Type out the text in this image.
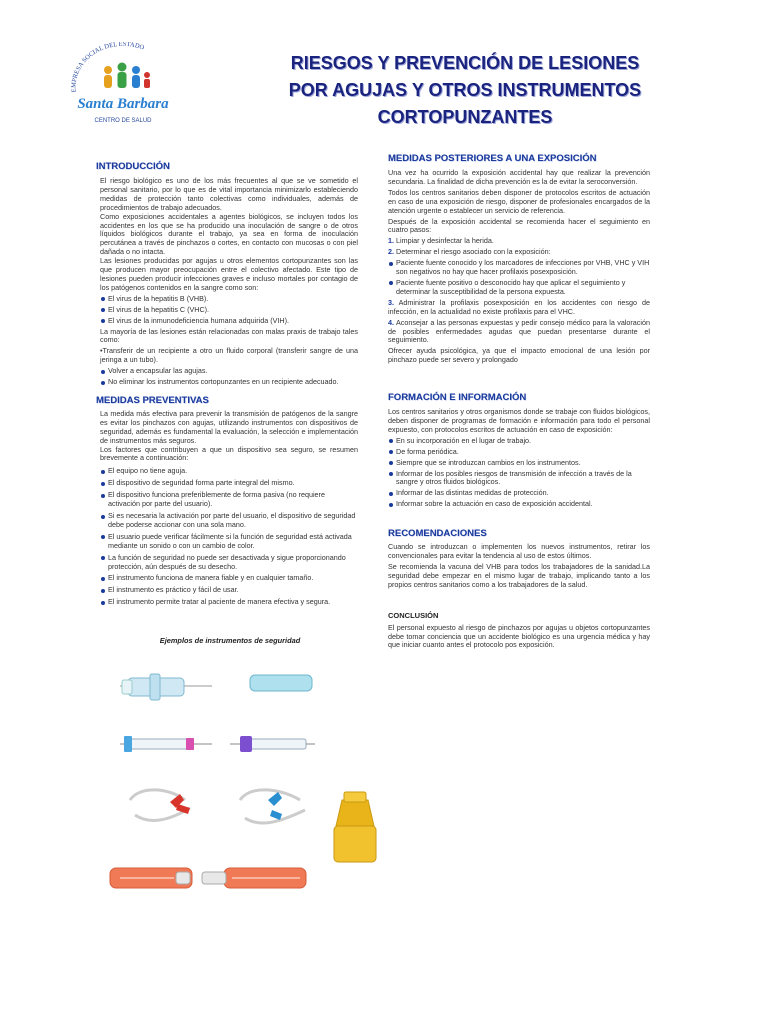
EMPRESA SOCIAL DEL ESTADO
Santa Barbara
CENTRO DE SALUD
RIESGOS Y PREVENCIÓN DE LESIONES
POR AGUJAS Y OTROS INSTRUMENTOS
CORTOPUNZANTES
INTRODUCCIÓN

El riesgo biológico es uno de los más frecuentes al que se ve sometido el personal sanitario, por lo que es de vital importancia minimizarlo estableciendo medidas de protección tanto colectivas como individuales, además de procedimientos de trabajo adecuados.

Como exposiciones accidentales a agentes biológicos, se incluyen todos los accidentes en los que se ha producido una inoculación de sangre o de otros líquidos biológicos durante el trabajo, ya sea en forma de inoculación percutánea a través de pinchazos o cortes, en contacto con mucosas o con piel dañada o no intacta.

Las lesiones producidas por agujas u otros elementos cortopunzantes son las que producen mayor preocupación entre el colectivo afectado. Este tipo de lesiones pueden producir infecciones graves e incluso mortales por contagio de los patógenos contenidos en la sangre como son:

El virus de la hepatitis B (VHB).
El virus de la hepatitis C (VHC).
El virus de la inmunodeficiencia humana adquirida (VIH).

La mayoría de las lesiones están relacionadas con malas praxis de trabajo tales como:

•Transferir de un recipiente a otro un fluido corporal (transferir sangre de una jeringa a un tubo).

Volver a encapsular las agujas.
No eliminar los instrumentos cortopunzantes en un recipiente adecuado.
MEDIDAS PREVENTIVAS

La medida más efectiva para prevenir la transmisión de patógenos de la sangre es evitar los pinchazos con agujas, utilizando instrumentos con dispositivos de seguridad, además es fundamental la evaluación, la selección e implementación de instrumentos más seguros.

Los factores que contribuyen a que un dispositivo sea seguro, se resumen brevemente a continuación:

El equipo no tiene aguja.
El dispositivo de seguridad forma parte integral del mismo.
El dispositivo funciona preferiblemente de forma pasiva (no requiere activación por parte del usuario).
Si es necesaria la activación por parte del usuario, el dispositivo de seguridad debe poderse accionar con una sola mano.
El usuario puede verificar fácilmente si la función de seguridad está activada mediante un sonido o con un cambio de color.
La función de seguridad no puede ser desactivada y sigue proporcionando protección, aún después de su desecho.
El instrumento funciona de manera fiable y en cualquier tamaño.
El instrumento es práctico y fácil de usar.
El instrumento permite tratar al paciente de manera efectiva y segura.
Ejemplos de instrumentos de seguridad
MEDIDAS POSTERIORES A UNA EXPOSICIÓN

Una vez ha ocurrido la exposición accidental hay que realizar la prevención secundaria. La finalidad de dicha prevención es la de evitar la seroconversión.

Todos los centros sanitarios deben disponer de protocolos escritos de actuación en caso de una exposición de riesgo, disponer de profesionales encargados de la atención urgente o establecer un servicio de referencia.

Después de la exposición accidental se recomienda hacer el seguimiento en cuatro pasos:

1. Limpiar y desinfectar la herida.

2. Determinar el riesgo asociado con la exposición:

Paciente fuente conocido y los marcadores de infecciones por VHB, VHC y VIH son negativos no hay que hacer profilaxis posexposición.
Paciente fuente positivo o desconocido hay que aplicar el seguimiento y determinar la susceptibilidad de la persona expuesta.

3. Administrar la profilaxis posexposición en los accidentes con riesgo de infección, en la actualidad no existe profilaxis para el VHC.

4. Aconsejar a las personas expuestas y pedir consejo médico para la valoración de posibles enfermedades agudas que puedan presentarse durante el seguimiento.

Ofrecer ayuda psicológica, ya que el impacto emocional de una lesión por pinchazo puede ser severo y prolongado

FORMACIÓN E INFORMACIÓN

Los centros sanitarios y otros organismos donde se trabaje con fluidos biológicos, deben disponer de programas de formación e información para todo el personal expuesto, con protocolos escritos de actuación en caso de exposición:

En su incorporación en el lugar de trabajo.
De forma periódica.
Siempre que se introduzcan cambios en los instrumentos.
Informar de los posibles riesgos de transmisión de infección a través de la sangre y otros fluidos biológicos.
Informar de las distintas medidas de protección.
Informar sobre la actuación en caso de exposición accidental.
RECOMENDACIONES

Cuando se introduzcan o implementen los nuevos instrumentos, retirar los convencionales para evitar la tendencia al uso de estos últimos.

Se recomienda la vacuna del VHB para todos los trabajadores de la sanidad.La seguridad debe empezar en el mismo lugar de trabajo, implicando tanto a los propios centros sanitarios como a los trabajadores de la salud.

CONCLUSIÓN

El personal expuesto al riesgo de pinchazos por agujas u objetos cortopunzantes debe tomar conciencia que un accidente biológico es una urgencia médica y hay que iniciar cuanto antes el protocolo pos exposición.
